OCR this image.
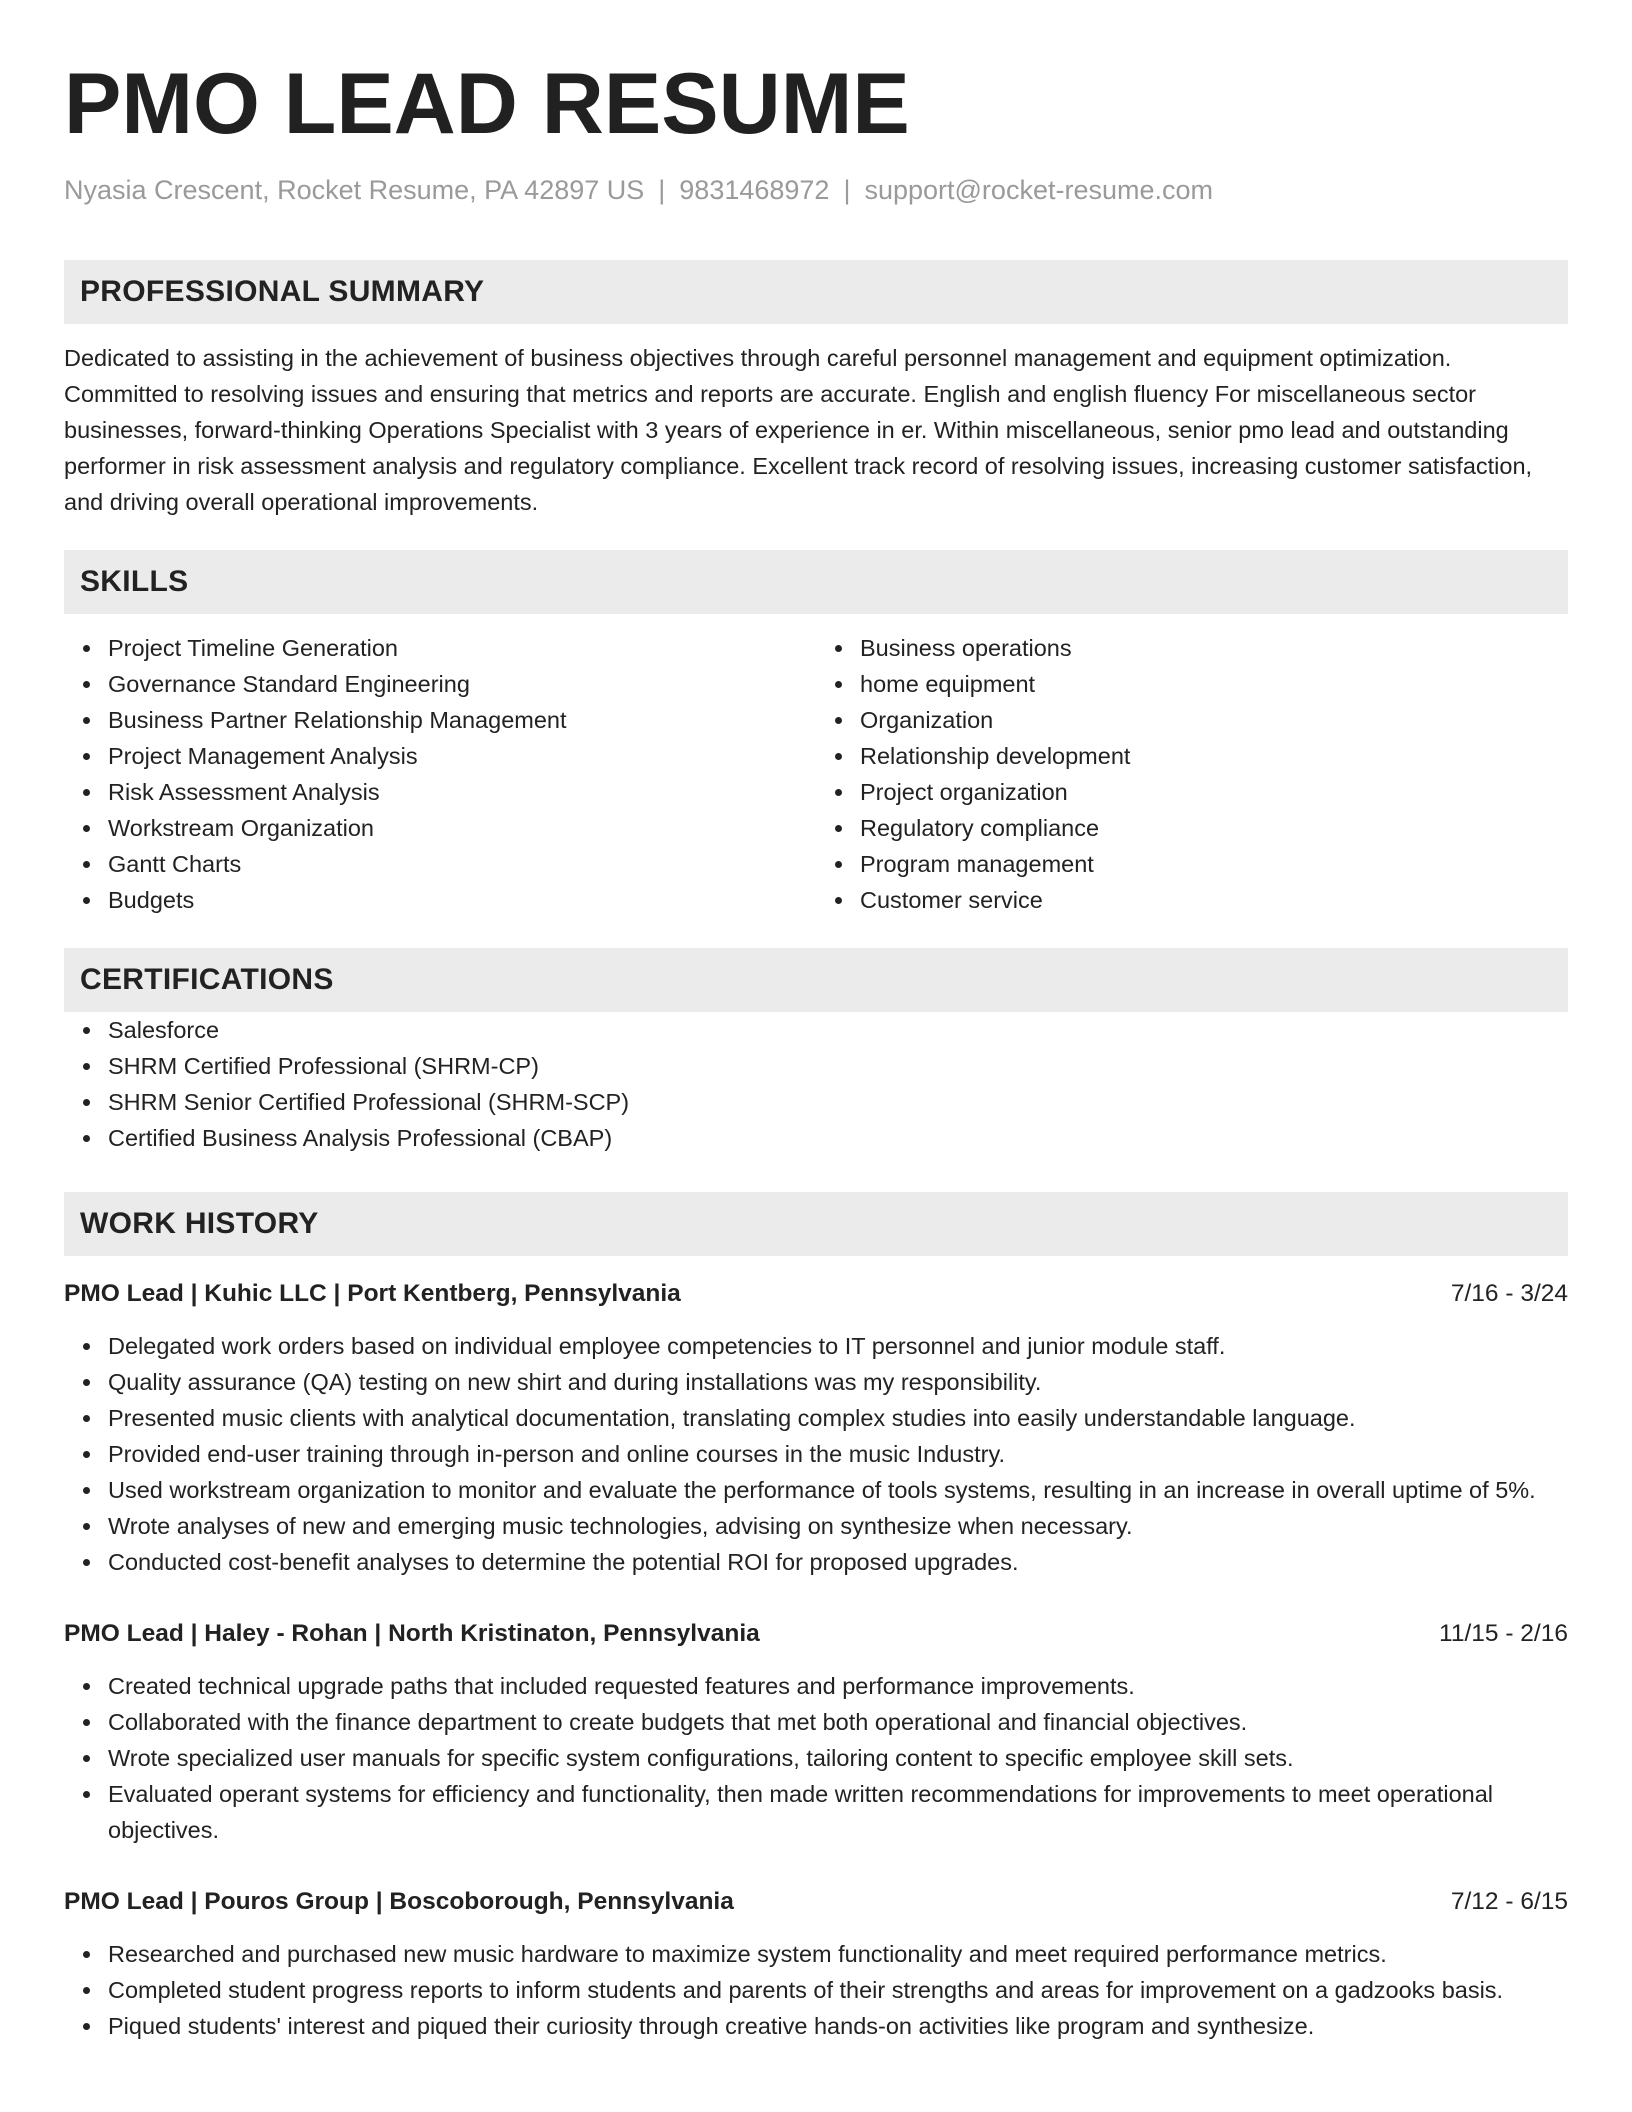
PMO LEAD RESUME
Nyasia Crescent, Rocket Resume, PA 42897 US | 9831468972 | support@rocket-resume.com
PROFESSIONAL SUMMARY

Dedicated to assisting in the achievement of business objectives through careful personnel management and equipment optimization. Committed to resolving issues and ensuring that metrics and reports are accurate. English and english fluency For miscellaneous sector businesses, forward-thinking Operations Specialist with 3 years of experience in er. Within miscellaneous, senior pmo lead and outstanding performer in risk assessment analysis and regulatory compliance. Excellent track record of resolving issues, increasing customer satisfaction, and driving overall operational improvements.

SKILLS
Project Timeline Generation
Governance Standard Engineering
Business Partner Relationship Management
Project Management Analysis
Risk Assessment Analysis
Workstream Organization
Gantt Charts
Budgets
Business operations
home equipment
Organization
Relationship development
Project organization
Regulatory compliance
Program management
Customer service
CERTIFICATIONS
Salesforce
SHRM Certified Professional (SHRM-CP)
SHRM Senior Certified Professional (SHRM-SCP)
Certified Business Analysis Professional (CBAP)
WORK HISTORY
PMO Lead | Kuhic LLC | Port Kentberg, Pennsylvania	7/16 - 3/24
Delegated work orders based on individual employee competencies to IT personnel and junior module staff.
Quality assurance (QA) testing on new shirt and during installations was my responsibility.
Presented music clients with analytical documentation, translating complex studies into easily understandable language.
Provided end-user training through in-person and online courses in the music Industry.
Used workstream organization to monitor and evaluate the performance of tools systems, resulting in an increase in overall uptime of 5%.
Wrote analyses of new and emerging music technologies, advising on synthesize when necessary.
Conducted cost-benefit analyses to determine the potential ROI for proposed upgrades.
PMO Lead | Haley - Rohan | North Kristinaton, Pennsylvania	11/15 - 2/16
Created technical upgrade paths that included requested features and performance improvements.
Collaborated with the finance department to create budgets that met both operational and financial objectives.
Wrote specialized user manuals for specific system configurations, tailoring content to specific employee skill sets.
Evaluated operant systems for efficiency and functionality, then made written recommendations for improvements to meet operational objectives.
PMO Lead | Pouros Group | Boscoborough, Pennsylvania	7/12 - 6/15
Researched and purchased new music hardware to maximize system functionality and meet required performance metrics.
Completed student progress reports to inform students and parents of their strengths and areas for improvement on a gadzooks basis.
Piqued students' interest and piqued their curiosity through creative hands-on activities like program and synthesize.
